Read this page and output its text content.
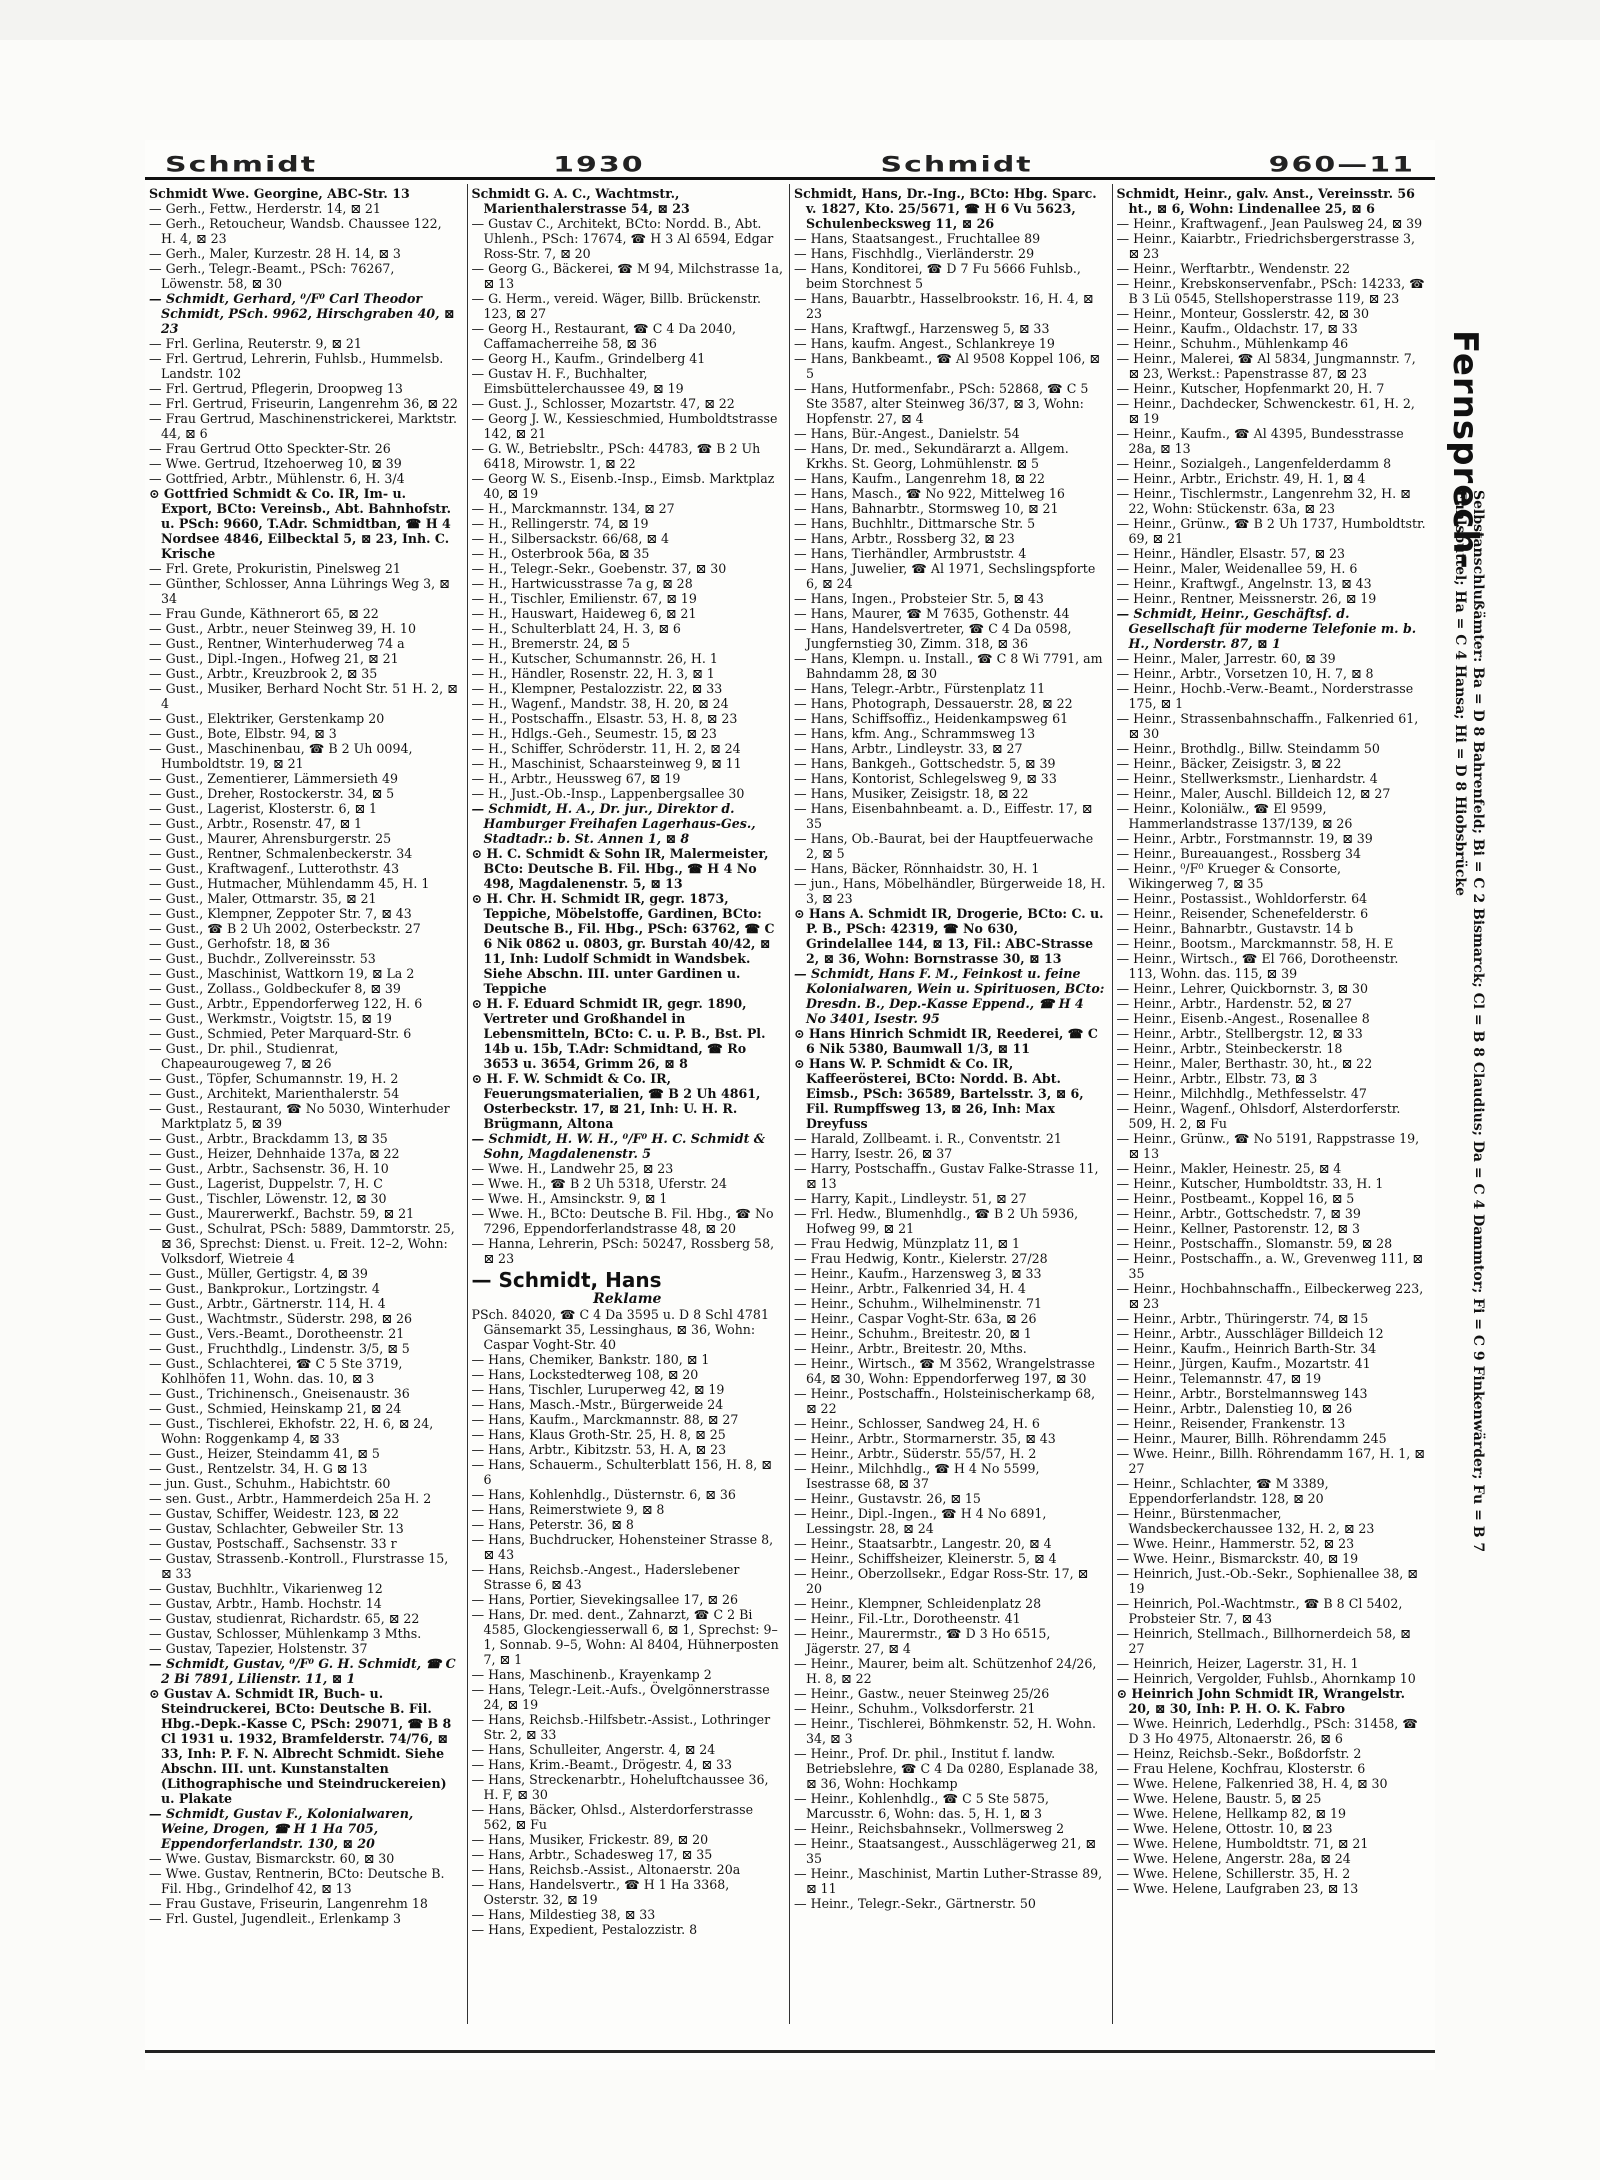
Schmidt	1930	Schmidt	960—11

Schmidt Wwe. Georgine, ABC-Str. 13

— Gerh., Fettw., Herderstr. 14, ⊠ 21

— Gerh., Retoucheur, Wandsb. Chaussee 122, H. 4, ⊠ 23

— Gerh., Maler, Kurzestr. 28 H. 14, ⊠ 3

— Gerh., Telegr.-Beamt., PSch: 76267, Löwenstr. 58, ⊠ 30

— Schmidt, Gerhard, ⁰/F⁰ Carl Theodor Schmidt, PSch. 9962, Hirschgraben 40, ⊠ 23

— Frl. Gerlina, Reuterstr. 9, ⊠ 21

— Frl. Gertrud, Lehrerin, Fuhlsb., Hummelsb. Landstr. 102

— Frl. Gertrud, Pflegerin, Droopweg 13

— Frl. Gertrud, Friseurin, Langenrehm 36, ⊠ 22

— Frau Gertrud, Maschinenstrickerei, Marktstr. 44, ⊠ 6

— Frau Gertrud Otto Speckter-Str. 26

— Wwe. Gertrud, Itzehoerweg 10, ⊠ 39

— Gottfried, Arbtr., Mühlenstr. 6, H. 3/4

⊙ Gottfried Schmidt & Co. IR, Im- u. Export, BCto: Vereinsb., Abt. Bahnhofstr. u. PSch: 9660, T.Adr. Schmidtban, ☎ H 4 Nordsee 4846, Eilbecktal 5, ⊠ 23, Inh. C. Krische

— Frl. Grete, Prokuristin, Pinelsweg 21

— Günther, Schlosser, Anna Lührings Weg 3, ⊠ 34

— Frau Gunde, Käthnerort 65, ⊠ 22

— Gust., Arbtr., neuer Steinweg 39, H. 10

— Gust., Rentner, Winterhuderweg 74 a

— Gust., Dipl.-Ingen., Hofweg 21, ⊠ 21

— Gust., Arbtr., Kreuzbrook 2, ⊠ 35

— Gust., Musiker, Berhard Nocht Str. 51 H. 2, ⊠ 4

— Gust., Elektriker, Gerstenkamp 20

— Gust., Bote, Elbstr. 94, ⊠ 3

— Gust., Maschinenbau, ☎ B 2 Uh 0094, Humboldtstr. 19, ⊠ 21

— Gust., Zementierer, Lämmersieth 49

— Gust., Dreher, Rostockerstr. 34, ⊠ 5

— Gust., Lagerist, Klosterstr. 6, ⊠ 1

— Gust., Arbtr., Rosenstr. 47, ⊠ 1

— Gust., Maurer, Ahrensburgerstr. 25

— Gust., Rentner, Schmalenbeckerstr. 34

— Gust., Kraftwagenf., Lutterothstr. 43

— Gust., Hutmacher, Mühlendamm 45, H. 1

— Gust., Maler, Ottmarstr. 35, ⊠ 21

— Gust., Klempner, Zeppoter Str. 7, ⊠ 43

— Gust., ☎ B 2 Uh 2002, Osterbeckstr. 27

— Gust., Gerhofstr. 18, ⊠ 36

— Gust., Buchdr., Zollvereinsstr. 53

— Gust., Maschinist, Wattkorn 19, ⊠ La 2

— Gust., Zollass., Goldbeckufer 8, ⊠ 39

— Gust., Arbtr., Eppendorferweg 122, H. 6

— Gust., Werkmstr., Voigtstr. 15, ⊠ 19

— Gust., Schmied, Peter Marquard-Str. 6

— Gust., Dr. phil., Studienrat, Chapeaurougeweg 7, ⊠ 26

— Gust., Töpfer, Schumannstr. 19, H. 2

— Gust., Architekt, Marienthalerstr. 54

— Gust., Restaurant, ☎ No 5030, Winterhuder Marktplatz 5, ⊠ 39

— Gust., Arbtr., Brackdamm 13, ⊠ 35

— Gust., Heizer, Dehnhaide 137a, ⊠ 22

— Gust., Arbtr., Sachsenstr. 36, H. 10

— Gust., Lagerist, Duppelstr. 7, H. C

— Gust., Tischler, Löwenstr. 12, ⊠ 30

— Gust., Maurerwerkf., Bachstr. 59, ⊠ 21

— Gust., Schulrat, PSch: 5889, Dammtorstr. 25, ⊠ 36, Sprechst: Dienst. u. Freit. 12–2, Wohn: Volksdorf, Wietreie 4

— Gust., Müller, Gertigstr. 4, ⊠ 39

— Gust., Bankprokur., Lortzingstr. 4

— Gust., Arbtr., Gärtnerstr. 114, H. 4

— Gust., Wachtmstr., Süderstr. 298, ⊠ 26

— Gust., Vers.-Beamt., Dorotheenstr. 21

— Gust., Fruchthdlg., Lindenstr. 3/5, ⊠ 5

— Gust., Schlachterei, ☎ C 5 Ste 3719, Kohlhöfen 11, Wohn. das. 10, ⊠ 3

— Gust., Trichinensch., Gneisenaustr. 36

— Gust., Schmied, Heinskamp 21, ⊠ 24

— Gust., Tischlerei, Ekhofstr. 22, H. 6, ⊠ 24, Wohn: Roggenkamp 4, ⊠ 33

— Gust., Heizer, Steindamm 41, ⊠ 5

— Gust., Rentzelstr. 34, H. G ⊠ 13

— jun. Gust., Schuhm., Habichtstr. 60

— sen. Gust., Arbtr., Hammerdeich 25a H. 2

— Gustav, Schiffer, Weidestr. 123, ⊠ 22

— Gustav, Schlachter, Gebweiler Str. 13

— Gustav, Postschaff., Sachsenstr. 33 r

— Gustav, Strassenb.-Kontroll., Flurstrasse 15, ⊠ 33

— Gustav, Buchhltr., Vikarienweg 12

— Gustav, Arbtr., Hamb. Hochstr. 14

— Gustav, studienrat, Richardstr. 65, ⊠ 22

— Gustav, Schlosser, Mühlenkamp 3 Mths.

— Gustav, Tapezier, Holstenstr. 37

— Schmidt, Gustav, ⁰/F⁰ G. H. Schmidt, ☎ C 2 Bi 7891, Lilienstr. 11, ⊠ 1

⊙ Gustav A. Schmidt IR, Buch- u. Steindruckerei, BCto: Deutsche B. Fil. Hbg.-Depk.-Kasse C, PSch: 29071, ☎ B 8 Cl 1931 u. 1932, Bramfelderstr. 74/76, ⊠ 33, Inh: P. F. N. Albrecht Schmidt. Siehe Abschn. III. unt. Kunstanstalten (Lithographische und Steindruckereien) u. Plakate

— Schmidt, Gustav F., Kolonialwaren, Weine, Drogen, ☎ H 1 Ha 705, Eppendorferlandstr. 130, ⊠ 20

— Wwe. Gustav, Bismarckstr. 60, ⊠ 30

— Wwe. Gustav, Rentnerin, BCto: Deutsche B. Fil. Hbg., Grindelhof 42, ⊠ 13

— Frau Gustave, Friseurin, Langenrehm 18

— Frl. Gustel, Jugendleit., Erlenkamp 3

Schmidt G. A. C., Wachtmstr., Marienthalerstrasse 54, ⊠ 23

— Gustav C., Architekt, BCto: Nordd. B., Abt. Uhlenh., PSch: 17674, ☎ H 3 Al 6594, Edgar Ross-Str. 7, ⊠ 20

— Georg G., Bäckerei, ☎ M 94, Milchstrasse 1a, ⊠ 13

— G. Herm., vereid. Wäger, Billb. Brückenstr. 123, ⊠ 27

— Georg H., Restaurant, ☎ C 4 Da 2040, Caffamacherreihe 58, ⊠ 36

— Georg H., Kaufm., Grindelberg 41

— Gustav H. F., Buchhalter, Eimsbüttelerchaussee 49, ⊠ 19

— Gust. J., Schlosser, Mozartstr. 47, ⊠ 22

— Georg J. W., Kessieschmied, Humboldtstrasse 142, ⊠ 21

— G. W., Betriebsltr., PSch: 44783, ☎ B 2 Uh 6418, Mirowstr. 1, ⊠ 22

— Georg W. S., Eisenb.-Insp., Eimsb. Marktplaz 40, ⊠ 19

— H., Marckmannstr. 134, ⊠ 27

— H., Rellingerstr. 74, ⊠ 19

— H., Silbersackstr. 66/68, ⊠ 4

— H., Osterbrook 56a, ⊠ 35

— H., Telegr.-Sekr., Goebenstr. 37, ⊠ 30

— H., Hartwicusstrasse 7a g, ⊠ 28

— H., Tischler, Emilienstr. 67, ⊠ 19

— H., Hauswart, Haideweg 6, ⊠ 21

— H., Schulterblatt 24, H. 3, ⊠ 6

— H., Bremerstr. 24, ⊠ 5

— H., Kutscher, Schumannstr. 26, H. 1

— H., Händler, Rosenstr. 22, H. 3, ⊠ 1

— H., Klempner, Pestalozzistr. 22, ⊠ 33

— H., Wagenf., Mandstr. 38, H. 20, ⊠ 24

— H., Postschaffn., Elsastr. 53, H. 8, ⊠ 23

— H., Hdlgs.-Geh., Seumestr. 15, ⊠ 23

— H., Schiffer, Schröderstr. 11, H. 2, ⊠ 24

— H., Maschinist, Schaarsteinweg 9, ⊠ 11

— H., Arbtr., Heussweg 67, ⊠ 19

— H., Just.-Ob.-Insp., Lappenbergsallee 30

— Schmidt, H. A., Dr. jur., Direktor d. Hamburger Freihafen Lagerhaus-Ges., Stadtadr.: b. St. Annen 1, ⊠ 8

⊙ H. C. Schmidt & Sohn IR, Malermeister, BCto: Deutsche B. Fil. Hbg., ☎ H 4 No 498, Magdalenenstr. 5, ⊠ 13

⊙ H. Chr. H. Schmidt IR, gegr. 1873, Teppiche, Möbelstoffe, Gardinen, BCto: Deutsche B., Fil. Hbg., PSch: 63762, ☎ C 6 Nik 0862 u. 0803, gr. Burstah 40/42, ⊠ 11, Inh: Ludolf Schmidt in Wandsbek. Siehe Abschn. III. unter Gardinen u. Teppiche

⊙ H. F. Eduard Schmidt IR, gegr. 1890, Vertreter und Großhandel in Lebensmitteln, BCto: C. u. P. B., Bst. Pl. 14b u. 15b, T.Adr: Schmidtand, ☎ Ro 3653 u. 3654, Grimm 26, ⊠ 8

⊙ H. F. W. Schmidt & Co. IR, Feuerungsmaterialien, ☎ B 2 Uh 4861, Osterbeckstr. 17, ⊠ 21, Inh: U. H. R. Brügmann, Altona

— Schmidt, H. W. H., ⁰/F⁰ H. C. Schmidt & Sohn, Magdalenenstr. 5

— Wwe. H., Landwehr 25, ⊠ 23

— Wwe. H., ☎ B 2 Uh 5318, Uferstr. 24

— Wwe. H., Amsinckstr. 9, ⊠ 1

— Wwe. H., BCto: Deutsche B. Fil. Hbg., ☎ No 7296, Eppendorferlandstrasse 48, ⊠ 20

— Hanna, Lehrerin, PSch: 50247, Rossberg 58, ⊠ 23

— Schmidt, Hans

Reklame

PSch. 84020, ☎ C 4 Da 3595 u. D 8 Schl 4781 Gänsemarkt 35, Lessinghaus, ⊠ 36, Wohn: Caspar Voght-Str. 40

— Hans, Chemiker, Bankstr. 180, ⊠ 1

— Hans, Lockstedterweg 108, ⊠ 20

— Hans, Tischler, Luruperweg 42, ⊠ 19

— Hans, Masch.-Mstr., Bürgerweide 24

— Hans, Kaufm., Marckmannstr. 88, ⊠ 27

— Hans, Klaus Groth-Str. 25, H. 8, ⊠ 25

— Hans, Arbtr., Kibitzstr. 53, H. A, ⊠ 23

— Hans, Schauerm., Schulterblatt 156, H. 8, ⊠ 6

— Hans, Kohlenhdlg., Düsternstr. 6, ⊠ 36

— Hans, Reimerstwiete 9, ⊠ 8

— Hans, Peterstr. 36, ⊠ 8

— Hans, Buchdrucker, Hohensteiner Strasse 8, ⊠ 43

— Hans, Reichsb.-Angest., Haderslebener Strasse 6, ⊠ 43

— Hans, Portier, Sievekingsallee 17, ⊠ 26

— Hans, Dr. med. dent., Zahnarzt, ☎ C 2 Bi 4585, Glockengiesserwall 6, ⊠ 1, Sprechst: 9–1, Sonnab. 9–5, Wohn: Al 8404, Hühnerposten 7, ⊠ 1

— Hans, Maschinenb., Krayenkamp 2

— Hans, Telegr.-Leit.-Aufs., Övelgönnerstrasse 24, ⊠ 19

— Hans, Reichsb.-Hilfsbetr.-Assist., Lothringer Str. 2, ⊠ 33

— Hans, Schulleiter, Angerstr. 4, ⊠ 24

— Hans, Krim.-Beamt., Drögestr. 4, ⊠ 33

— Hans, Streckenarbtr., Hoheluftchaussee 36, H. F, ⊠ 30

— Hans, Bäcker, Ohlsd., Alsterdorferstrasse 562, ⊠ Fu

— Hans, Musiker, Frickestr. 89, ⊠ 20

— Hans, Arbtr., Schadesweg 17, ⊠ 35

— Hans, Reichsb.-Assist., Altonaerstr. 20a

— Hans, Handelsvertr., ☎ H 1 Ha 3368, Osterstr. 32, ⊠ 19

— Hans, Mildestieg 38, ⊠ 33

— Hans, Expedient, Pestalozzistr. 8

Schmidt, Hans, Dr.-Ing., BCto: Hbg. Sparc. v. 1827, Kto. 25/5671, ☎ H 6 Vu 5623, Schulenbecksweg 11, ⊠ 26

— Hans, Staatsangest., Fruchtallee 89

— Hans, Fischhdlg., Vierländerstr. 29

— Hans, Konditorei, ☎ D 7 Fu 5666 Fuhlsb., beim Storchnest 5

— Hans, Bauarbtr., Hasselbrookstr. 16, H. 4, ⊠ 23

— Hans, Kraftwgf., Harzensweg 5, ⊠ 33

— Hans, kaufm. Angest., Schlankreye 19

— Hans, Bankbeamt., ☎ Al 9508 Koppel 106, ⊠ 5

— Hans, Hutformenfabr., PSch: 52868, ☎ C 5 Ste 3587, alter Steinweg 36/37, ⊠ 3, Wohn: Hopfenstr. 27, ⊠ 4

— Hans, Bür.-Angest., Danielstr. 54

— Hans, Dr. med., Sekundärarzt a. Allgem. Krkhs. St. Georg, Lohmühlenstr. ⊠ 5

— Hans, Kaufm., Langenrehm 18, ⊠ 22

— Hans, Masch., ☎ No 922, Mittelweg 16

— Hans, Bahnarbtr., Stormsweg 10, ⊠ 21

— Hans, Buchhltr., Dittmarsche Str. 5

— Hans, Arbtr., Rossberg 32, ⊠ 23

— Hans, Tierhändler, Armbruststr. 4

— Hans, Juwelier, ☎ Al 1971, Sechslingspforte 6, ⊠ 24

— Hans, Ingen., Probsteier Str. 5, ⊠ 43

— Hans, Maurer, ☎ M 7635, Gothenstr. 44

— Hans, Handelsvertreter, ☎ C 4 Da 0598, Jungfernstieg 30, Zimm. 318, ⊠ 36

— Hans, Klempn. u. Install., ☎ C 8 Wi 7791, am Bahndamm 28, ⊠ 30

— Hans, Telegr.-Arbtr., Fürstenplatz 11

— Hans, Photograph, Dessauerstr. 28, ⊠ 22

— Hans, Schiffsoffiz., Heidenkampsweg 61

— Hans, kfm. Ang., Schrammsweg 13

— Hans, Arbtr., Lindleystr. 33, ⊠ 27

— Hans, Bankgeh., Gottschedstr. 5, ⊠ 39

— Hans, Kontorist, Schlegelsweg 9, ⊠ 33

— Hans, Musiker, Zeisigstr. 18, ⊠ 22

— Hans, Eisenbahnbeamt. a. D., Eiffestr. 17, ⊠ 35

— Hans, Ob.-Baurat, bei der Hauptfeuerwache 2, ⊠ 5

— Hans, Bäcker, Rönnhaidstr. 30, H. 1

— jun., Hans, Möbelhändler, Bürgerweide 18, H. 3, ⊠ 23

⊙ Hans A. Schmidt IR, Drogerie, BCto: C. u. P. B., PSch: 42319, ☎ No 630, Grindelallee 144, ⊠ 13, Fil.: ABC-Strasse 2, ⊠ 36, Wohn: Bornstrasse 30, ⊠ 13

— Schmidt, Hans F. M., Feinkost u. feine Kolonialwaren, Wein u. Spirituosen, BCto: Dresdn. B., Dep.-Kasse Eppend., ☎ H 4 No 3401, Isestr. 95

⊙ Hans Hinrich Schmidt IR, Reederei, ☎ C 6 Nik 5380, Baumwall 1/3, ⊠ 11

⊙ Hans W. P. Schmidt & Co. IR, Kaffeerösterei, BCto: Nordd. B. Abt. Eimsb., PSch: 36589, Bartelsstr. 3, ⊠ 6, Fil. Rumpffsweg 13, ⊠ 26, Inh: Max Dreyfuss

— Harald, Zollbeamt. i. R., Conventstr. 21

— Harry, Isestr. 26, ⊠ 37

— Harry, Postschaffn., Gustav Falke-Strasse 11, ⊠ 13

— Harry, Kapit., Lindleystr. 51, ⊠ 27

— Frl. Hedw., Blumenhdlg., ☎ B 2 Uh 5936, Hofweg 99, ⊠ 21

— Frau Hedwig, Münzplatz 11, ⊠ 1

— Frau Hedwig, Kontr., Kielerstr. 27/28

— Heinr., Kaufm., Harzensweg 3, ⊠ 33

— Heinr., Arbtr., Falkenried 34, H. 4

— Heinr., Schuhm., Wilhelminenstr. 71

— Heinr., Caspar Voght-Str. 63a, ⊠ 26

— Heinr., Schuhm., Breitestr. 20, ⊠ 1

— Heinr., Arbtr., Breitestr. 20, Mths.

— Heinr., Wirtsch., ☎ M 3562, Wrangelstrasse 64, ⊠ 30, Wohn: Eppendorferweg 197, ⊠ 30

— Heinr., Postschaffn., Holsteinischerkamp 68, ⊠ 22

— Heinr., Schlosser, Sandweg 24, H. 6

— Heinr., Arbtr., Stormarnerstr. 35, ⊠ 43

— Heinr., Arbtr., Süderstr. 55/57, H. 2

— Heinr., Milchhdlg., ☎ H 4 No 5599, Isestrasse 68, ⊠ 37

— Heinr., Gustavstr. 26, ⊠ 15

— Heinr., Dipl.-Ingen., ☎ H 4 No 6891, Lessingstr. 28, ⊠ 24

— Heinr., Staatsarbtr., Langestr. 20, ⊠ 4

— Heinr., Schiffsheizer, Kleinerstr. 5, ⊠ 4

— Heinr., Oberzollsekr., Edgar Ross-Str. 17, ⊠ 20

— Heinr., Klempner, Schleidenplatz 28

— Heinr., Fil.-Ltr., Dorotheenstr. 41

— Heinr., Maurermstr., ☎ D 3 Ho 6515, Jägerstr. 27, ⊠ 4

— Heinr., Maurer, beim alt. Schützenhof 24/26, H. 8, ⊠ 22

— Heinr., Gastw., neuer Steinweg 25/26

— Heinr., Schuhm., Volksdorferstr. 21

— Heinr., Tischlerei, Böhmkenstr. 52, H. Wohn. 34, ⊠ 3

— Heinr., Prof. Dr. phil., Institut f. landw. Betriebslehre, ☎ C 4 Da 0280, Esplanade 38, ⊠ 36, Wohn: Hochkamp

— Heinr., Kohlenhdlg., ☎ C 5 Ste 5875, Marcusstr. 6, Wohn: das. 5, H. 1, ⊠ 3

— Heinr., Reichsbahnsekr., Vollmersweg 2

— Heinr., Staatsangest., Ausschlägerweg 21, ⊠ 35

— Heinr., Maschinist, Martin Luther-Strasse 89, ⊠ 11

— Heinr., Telegr.-Sekr., Gärtnerstr. 50

Schmidt, Heinr., galv. Anst., Vereinsstr. 56 ht., ⊠ 6, Wohn: Lindenallee 25, ⊠ 6

— Heinr., Kraftwagenf., Jean Paulsweg 24, ⊠ 39

— Heinr., Kaiarbtr., Friedrichsbergerstrasse 3, ⊠ 23

— Heinr., Werftarbtr., Wendenstr. 22

— Heinr., Krebskonservenfabr., PSch: 14233, ☎ B 3 Lü 0545, Stellshoperstrasse 119, ⊠ 23

— Heinr., Monteur, Gosslerstr. 42, ⊠ 30

— Heinr., Kaufm., Oldachstr. 17, ⊠ 33

— Heinr., Schuhm., Mühlenkamp 46

— Heinr., Malerei, ☎ Al 5834, Jungmannstr. 7, ⊠ 23, Werkst.: Papenstrasse 87, ⊠ 23

— Heinr., Kutscher, Hopfenmarkt 20, H. 7

— Heinr., Dachdecker, Schwenckestr. 61, H. 2, ⊠ 19

— Heinr., Kaufm., ☎ Al 4395, Bundesstrasse 28a, ⊠ 13

— Heinr., Sozialgeh., Langenfelderdamm 8

— Heinr., Arbtr., Erichstr. 49, H. 1, ⊠ 4

— Heinr., Tischlermstr., Langenrehm 32, H. ⊠ 22, Wohn: Stückenstr. 63a, ⊠ 23

— Heinr., Grünw., ☎ B 2 Uh 1737, Humboldtstr. 69, ⊠ 21

— Heinr., Händler, Elsastr. 57, ⊠ 23

— Heinr., Maler, Weidenallee 59, H. 6

— Heinr., Kraftwgf., Angelnstr. 13, ⊠ 43

— Heinr., Rentner, Meissnerstr. 26, ⊠ 19

— Schmidt, Heinr., Geschäftsf. d. Gesellschaft für moderne Telefonie m. b. H., Norderstr. 87, ⊠ 1

— Heinr., Maler, Jarrestr. 60, ⊠ 39

— Heinr., Arbtr., Vorsetzen 10, H. 7, ⊠ 8

— Heinr., Hochb.-Verw.-Beamt., Norderstrasse 175, ⊠ 1

— Heinr., Strassenbahnschaffn., Falkenried 61, ⊠ 30

— Heinr., Brothdlg., Billw. Steindamm 50

— Heinr., Bäcker, Zeisigstr. 3, ⊠ 22

— Heinr., Stellwerksmstr., Lienhardstr. 4

— Heinr., Maler, Auschl. Billdeich 12, ⊠ 27

— Heinr., Koloniälw., ☎ El 9599, Hammerlandstrasse 137/139, ⊠ 26

— Heinr., Arbtr., Forstmannstr. 19, ⊠ 39

— Heinr., Bureauangest., Rossberg 34

— Heinr., ⁰/F⁰ Krueger & Consorte, Wikingerweg 7, ⊠ 35

— Heinr., Postassist., Wohldorferstr. 64

— Heinr., Reisender, Schenefelderstr. 6

— Heinr., Bahnarbtr., Gustavstr. 14 b

— Heinr., Bootsm., Marckmannstr. 58, H. E

— Heinr., Wirtsch., ☎ El 766, Dorotheenstr. 113, Wohn. das. 115, ⊠ 39

— Heinr., Lehrer, Quickbornstr. 3, ⊠ 30

— Heinr., Arbtr., Hardenstr. 52, ⊠ 27

— Heinr., Eisenb.-Angest., Rosenallee 8

— Heinr., Arbtr., Stellbergstr. 12, ⊠ 33

— Heinr., Arbtr., Steinbeckerstr. 18

— Heinr., Maler, Berthastr. 30, ht., ⊠ 22

— Heinr., Arbtr., Elbstr. 73, ⊠ 3

— Heinr., Milchhdlg., Methfesselstr. 47

— Heinr., Wagenf., Ohlsdorf, Alsterdorferstr. 509, H. 2, ⊠ Fu

— Heinr., Grünw., ☎ No 5191, Rappstrasse 19, ⊠ 13

— Heinr., Makler, Heinestr. 25, ⊠ 4

— Heinr., Kutscher, Humboldtstr. 33, H. 1

— Heinr., Postbeamt., Koppel 16, ⊠ 5

— Heinr., Arbtr., Gottschedstr. 7, ⊠ 39

— Heinr., Kellner, Pastorenstr. 12, ⊠ 3

— Heinr., Postschaffn., Slomanstr. 59, ⊠ 28

— Heinr., Postschaffn., a. W., Grevenweg 111, ⊠ 35

— Heinr., Hochbahnschaffn., Eilbeckerweg 223, ⊠ 23

— Heinr., Arbtr., Thüringerstr. 74, ⊠ 15

— Heinr., Arbtr., Ausschläger Billdeich 12

— Heinr., Kaufm., Heinrich Barth-Str. 34

— Heinr., Jürgen, Kaufm., Mozartstr. 41

— Heinr., Telemannstr. 47, ⊠ 19

— Heinr., Arbtr., Borstelmannsweg 143

— Heinr., Arbtr., Dalenstieg 10, ⊠ 26

— Heinr., Reisender, Frankenstr. 13

— Heinr., Maurer, Billh. Röhrendamm 245

— Wwe. Heinr., Billh. Röhrendamm 167, H. 1, ⊠ 27

— Heinr., Schlachter, ☎ M 3389, Eppendorferlandstr. 128, ⊠ 20

— Heinr., Bürstenmacher, Wandsbeckerchaussee 132, H. 2, ⊠ 23

— Wwe. Heinr., Hammerstr. 52, ⊠ 23

— Wwe. Heinr., Bismarckstr. 40, ⊠ 19

— Heinrich, Just.-Ob.-Sekr., Sophienallee 38, ⊠ 19

— Heinrich, Pol.-Wachtmstr., ☎ B 8 Cl 5402, Probsteier Str. 7, ⊠ 43

— Heinrich, Stellmach., Billhornerdeich 58, ⊠ 27

— Heinrich, Heizer, Lagerstr. 31, H. 1

— Heinrich, Vergolder, Fuhlsb., Ahornkamp 10

⊙ Heinrich John Schmidt IR, Wrangelstr. 20, ⊠ 30, Inh: P. H. O. K. Fabro

— Wwe. Heinrich, Lederhdlg., PSch: 31458, ☎ D 3 Ho 4975, Altonaerstr. 26, ⊠ 6

— Heinz, Reichsb.-Sekr., Boßdorfstr. 2

— Frau Helene, Kochfrau, Klosterstr. 6

— Wwe. Helene, Falkenried 38, H. 4, ⊠ 30

— Wwe. Helene, Baustr. 5, ⊠ 25

— Wwe. Helene, Hellkamp 82, ⊠ 19

— Wwe. Helene, Ottostr. 10, ⊠ 23

— Wwe. Helene, Humboldtstr. 71, ⊠ 21

— Wwe. Helene, Angerstr. 28a, ⊠ 24

— Wwe. Helene, Schillerstr. 35, H. 2

— Wwe. Helene, Laufgraben 23, ⊠ 13

Fernsprech-
Selbstanschlußämter: Ba = D 8 Bahrenfeld; Bi = C 2 Bismarck; Cl = B 8 Claudius; Da = C 4 Dammtor; Fi = C 9 Finkenwärder; Fu = B 7 Fuhlsbüttel; Ha = C 4 Hansa; Hi = D 8 Hiobsbrücke
